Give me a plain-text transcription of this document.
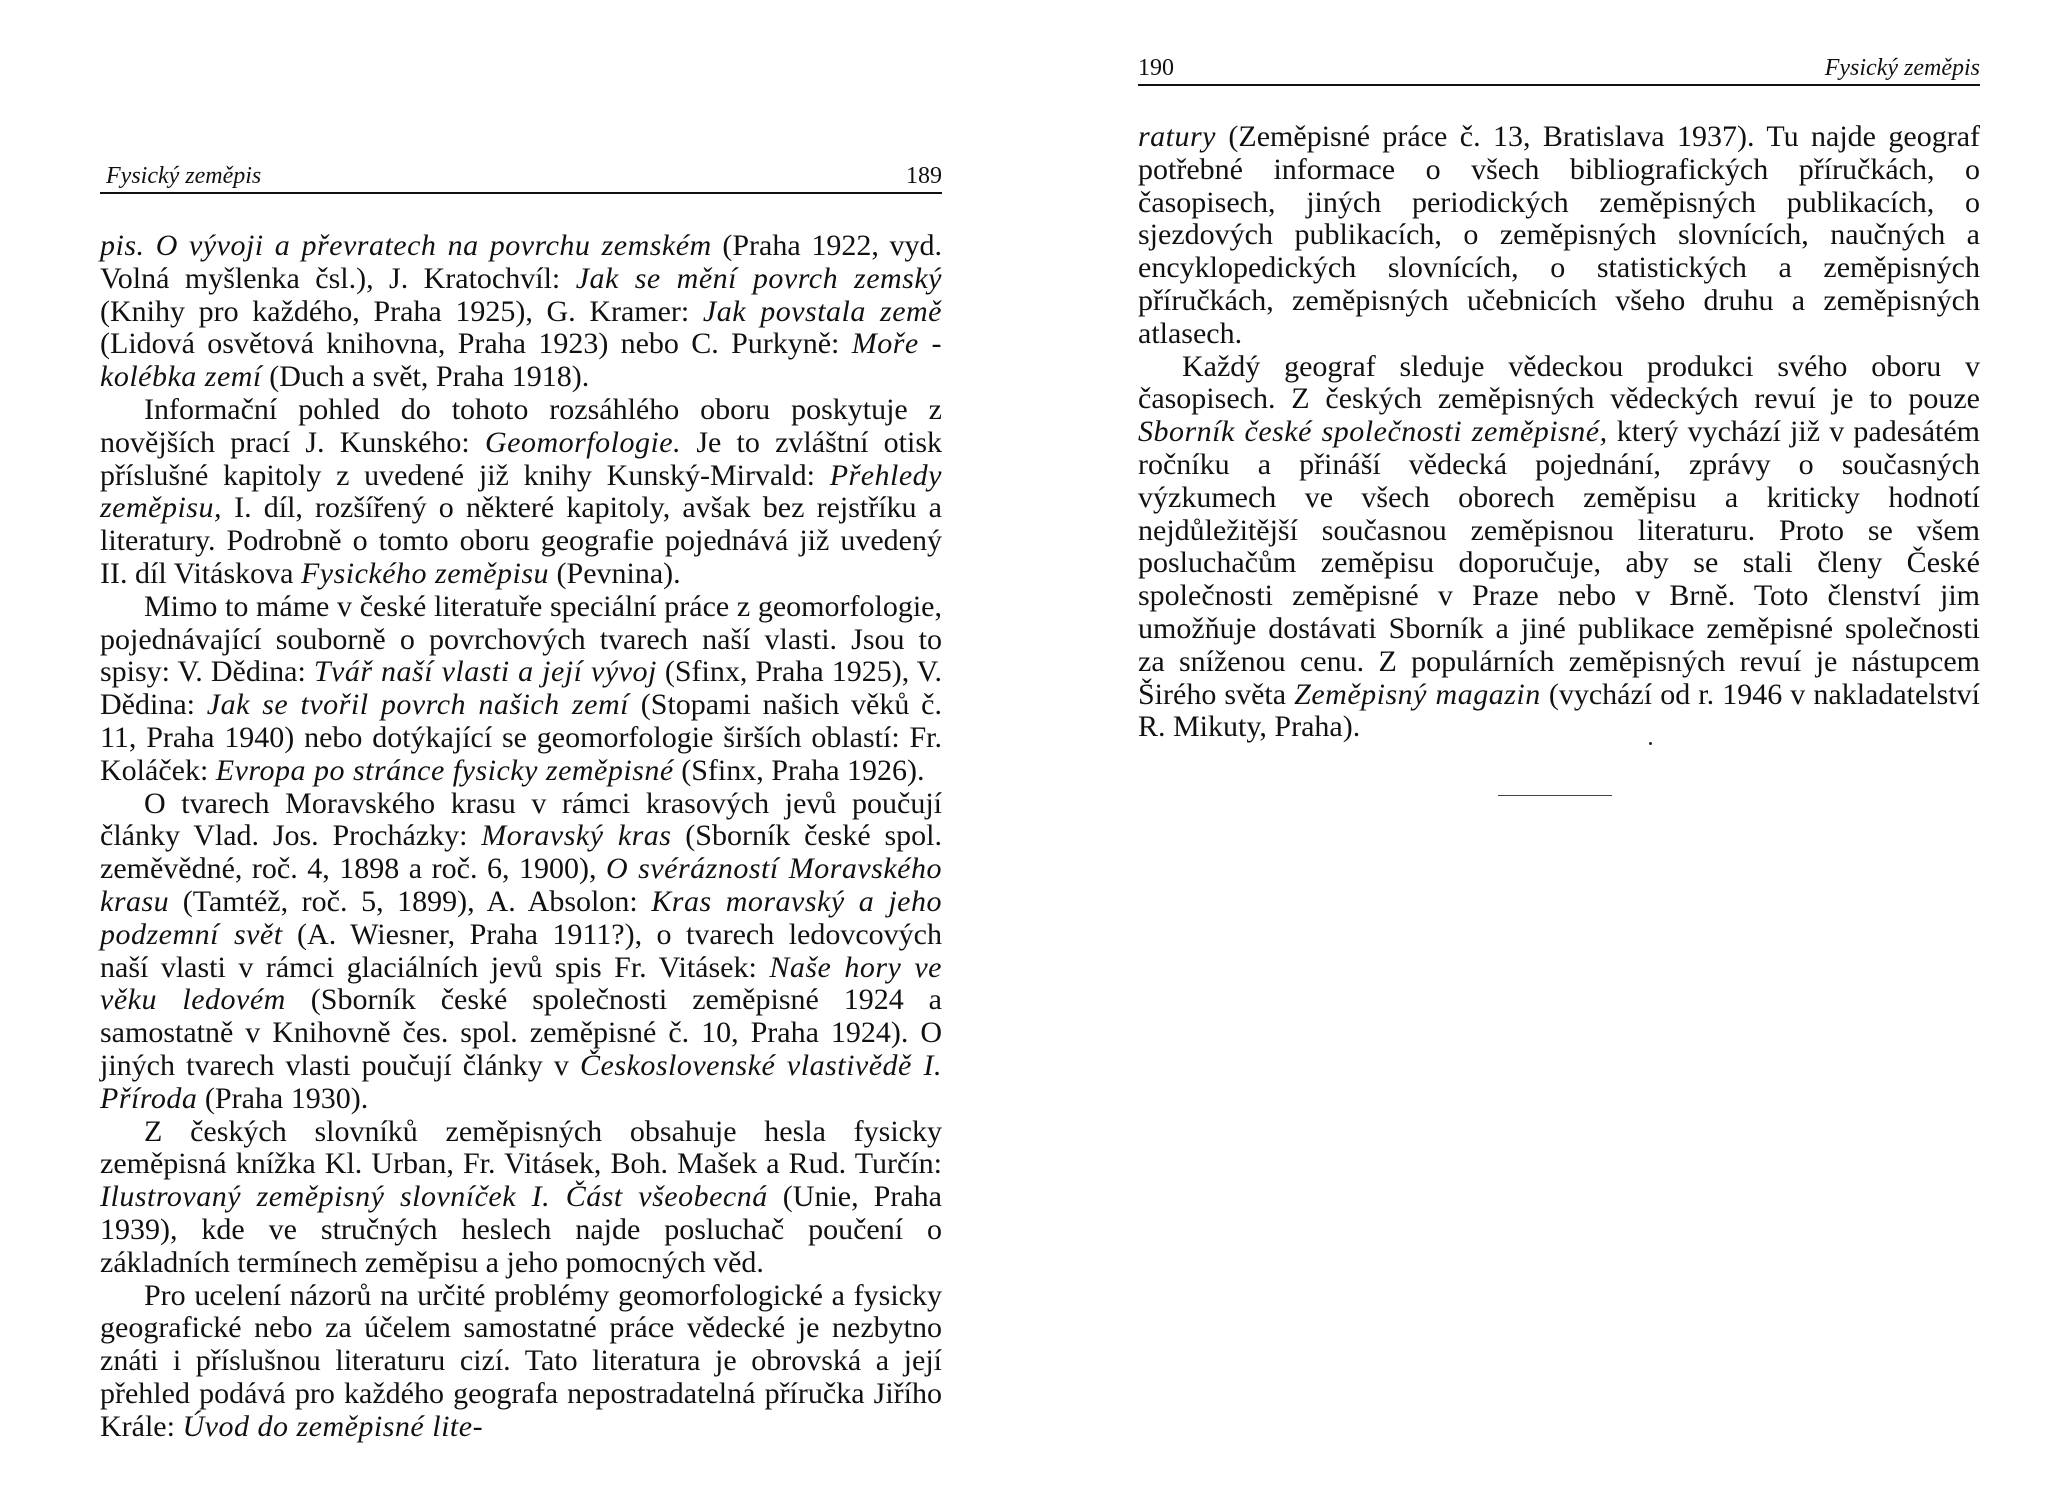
Fysický zeměpis	189

pis. O vývoji a převratech na povrchu zemském (Praha 1922, vyd. Volná myšlenka čsl.), J. Kratochvíl: Jak se mění povrch zemský (Knihy pro každého, Praha 1925), G. Kramer: Jak povstala země (Lidová osvětová knihovna, Praha 1923) nebo C. Purkyně: Moře - kolébka zemí (Duch a svět, Praha 1918).

Informační pohled do tohoto rozsáhlého oboru poskytuje z novějších prací J. Kunského: Geomorfologie. Je to zvláštní otisk příslušné kapitoly z uvedené již knihy Kunský-Mirvald: Přehledy zeměpisu, I. díl, rozšířený o některé kapitoly, avšak bez rejstříku a literatury. Podrobně o tomto oboru geografie pojednává již uvedený II. díl Vitáskova Fysického zeměpisu (Pevnina).

Mimo to máme v české literatuře speciální práce z geomorfologie, pojednávající souborně o povrchových tvarech naší vlasti. Jsou to spisy: V. Dědina: Tvář naší vlasti a její vývoj (Sfinx, Praha 1925), V. Dědina: Jak se tvořil povrch našich zemí (Stopami našich věků č. 11, Praha 1940) nebo dotýkající se geomorfologie širších oblastí: Fr. Koláček: Evropa po stránce fysicky zeměpisné (Sfinx, Praha 1926).

O tvarech Moravského krasu v rámci krasových jevů poučují články Vlad. Jos. Procházky: Moravský kras (Sborník české spol. zeměvědné, roč. 4, 1898 a roč. 6, 1900), O svérázností Moravského krasu (Tamtéž, roč. 5, 1899), A. Absolon: Kras moravský a jeho podzemní svět (A. Wiesner, Praha 1911?), o tvarech ledovcových naší vlasti v rámci glaciálních jevů spis Fr. Vitásek: Naše hory ve věku ledovém (Sborník české společnosti zeměpisné 1924 a samostatně v Knihovně čes. spol. zeměpisné č. 10, Praha 1924). O jiných tvarech vlasti poučují články v Československé vlastivědě I. Příroda (Praha 1930).

Z českých slovníků zeměpisných obsahuje hesla fysicky zeměpisná knížka Kl. Urban, Fr. Vitásek, Boh. Mašek a Rud. Turčín: Ilustrovaný zeměpisný slovníček I. Část všeobecná (Unie, Praha 1939), kde ve stručných heslech najde posluchač poučení o základních termínech zeměpisu a jeho pomocných věd.

Pro ucelení názorů na určité problémy geomorfologické a fysicky geografické nebo za účelem samostatné práce vědecké je nezbytno znáti i příslušnou literaturu cizí. Tato literatura je obrovská a její přehled podává pro každého geografa nepostradatelná příručka Jiřího Krále: Úvod do zeměpisné lite-

190	Fysický zeměpis

ratury (Zeměpisné práce č. 13, Bratislava 1937). Tu najde geograf potřebné informace o všech bibliografických příručkách, o časopisech, jiných periodických zeměpisných publikacích, o sjezdových publikacích, o zeměpisných slovnících, naučných a encyklopedických slovnících, o statistických a zeměpisných příručkách, zeměpisných učebnicích všeho druhu a zeměpisných atlasech.

Každý geograf sleduje vědeckou produkci svého oboru v časopisech. Z českých zeměpisných vědeckých revuí je to pouze Sborník české společnosti zeměpisné, který vychází již v padesátém ročníku a přináší vědecká pojednání, zprávy o současných výzkumech ve všech oborech zeměpisu a kriticky hodnotí nejdůležitější současnou zeměpisnou literaturu. Proto se všem posluchačům zeměpisu doporučuje, aby se stali členy České společnosti zeměpisné v Praze nebo v Brně. Toto členství jim umožňuje dostávati Sborník a jiné publikace zeměpisné společnosti za sníženou cenu. Z populárních zeměpisných revuí je nástupcem Širého světa Zeměpisný magazin (vychází od r. 1946 v nakladatelství R. Mikuty, Praha).
